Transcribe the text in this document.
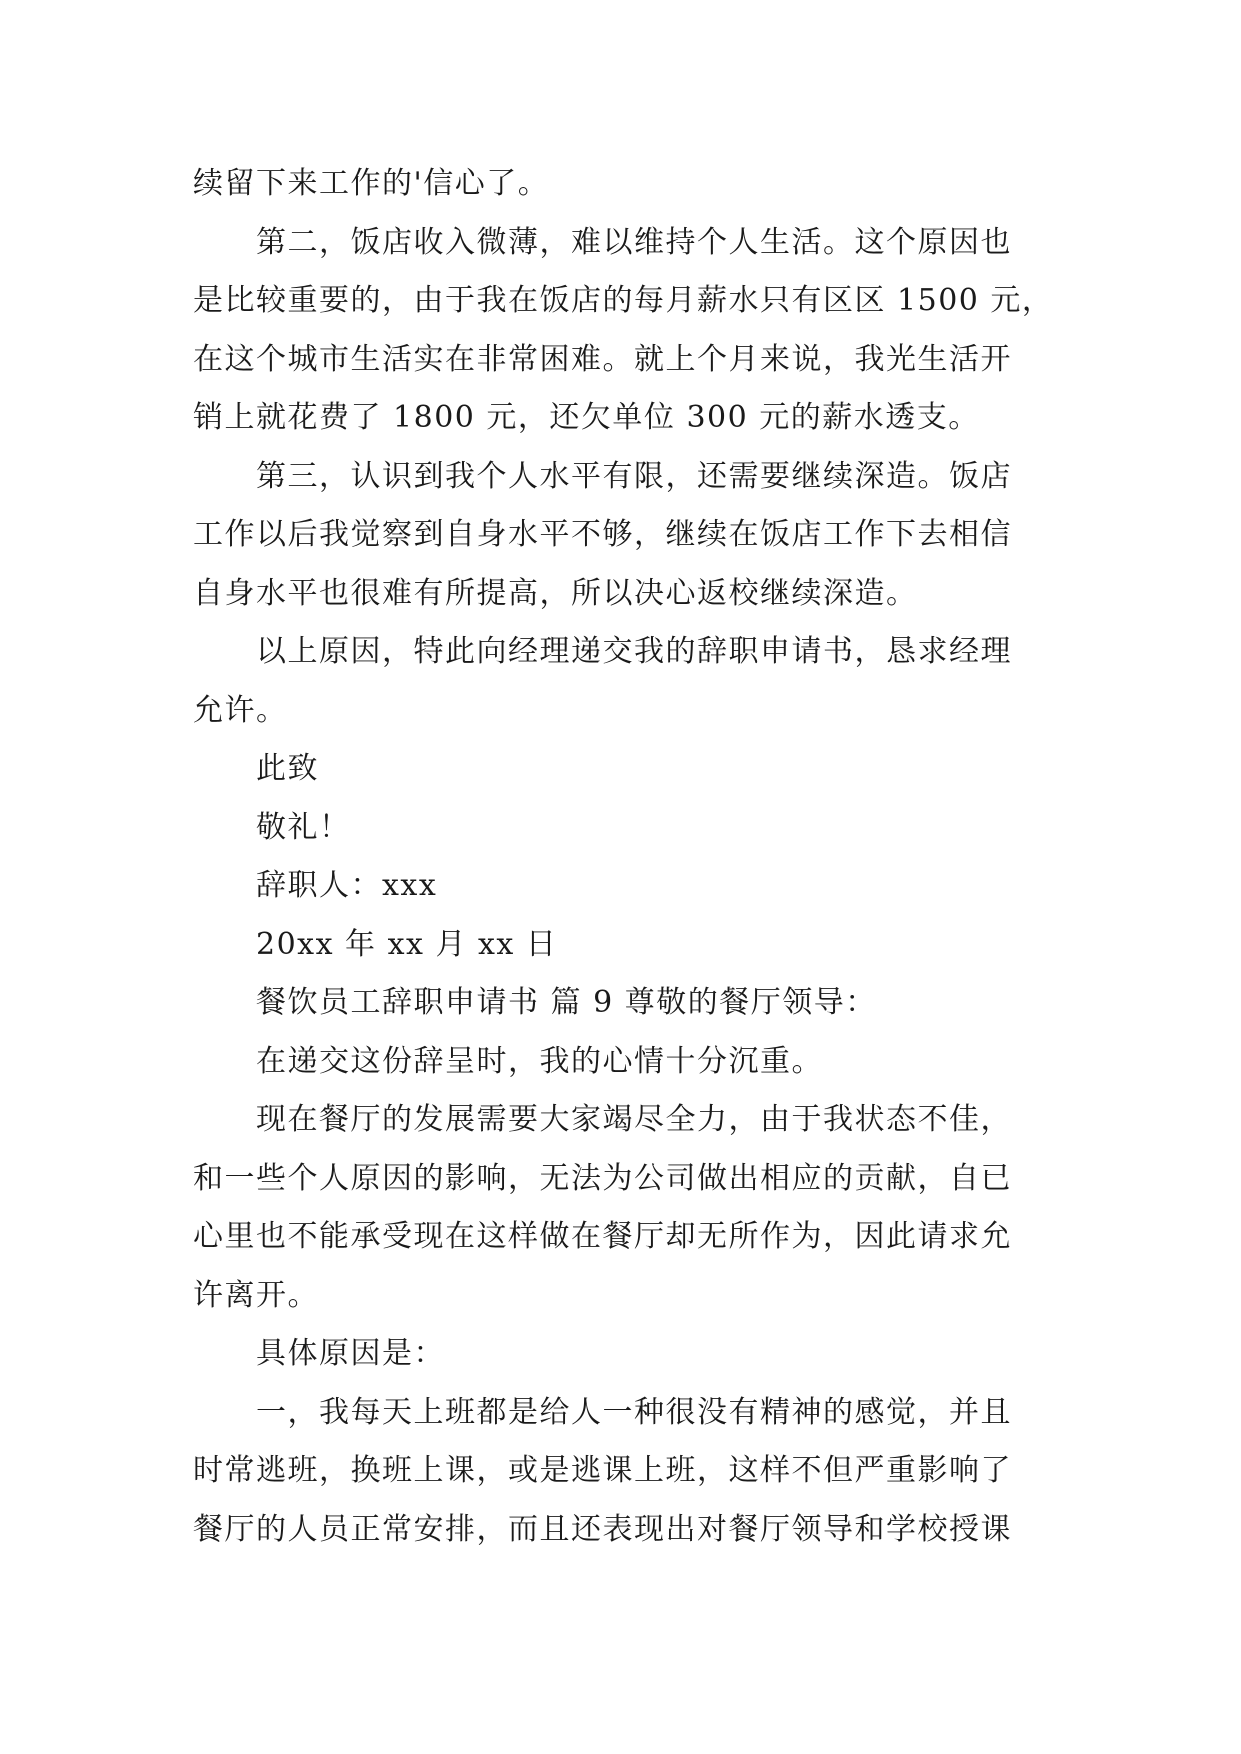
续留下来工作的'信心了。
第二，饭店收入微薄，难以维持个人生活。这个原因也
是比较重要的，由于我在饭店的每月薪水只有区区 1500 元，
在这个城市生活实在非常困难。就上个月来说，我光生活开
销上就花费了 1800 元，还欠单位 300 元的薪水透支。
第三，认识到我个人水平有限，还需要继续深造。饭店
工作以后我觉察到自身水平不够，继续在饭店工作下去相信
自身水平也很难有所提高，所以决心返校继续深造。
以上原因，特此向经理递交我的辞职申请书，恳求经理
允许。
此致
敬礼！
辞职人：xxx
20xx 年 xx 月 xx 日
餐饮员工辞职申请书 篇 9 尊敬的餐厅领导：
在递交这份辞呈时，我的心情十分沉重。
现在餐厅的发展需要大家竭尽全力，由于我状态不佳，
和一些个人原因的影响，无法为公司做出相应的贡献，自已
心里也不能承受现在这样做在餐厅却无所作为，因此请求允
许离开。
具体原因是：
一，我每天上班都是给人一种很没有精神的感觉，并且
时常逃班，换班上课，或是逃课上班，这样不但严重影响了
餐厅的人员正常安排，而且还表现出对餐厅领导和学校授课
